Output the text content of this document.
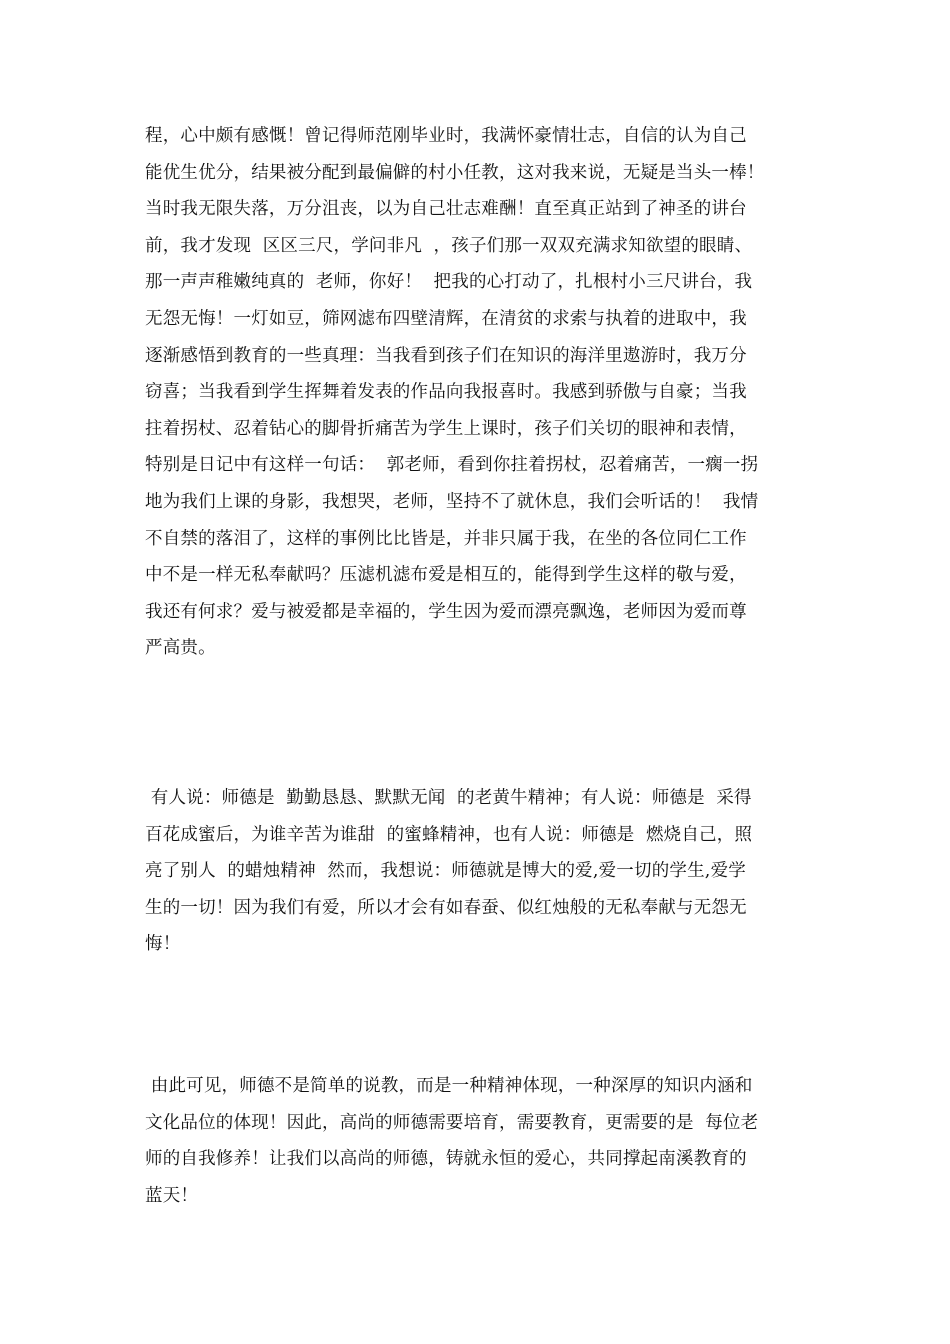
程，心中颇有感慨！曾记得师范刚毕业时，我满怀豪情壮志，自信的认为自己
能优生优分，结果被分配到最偏僻的村小任教，这对我来说，无疑是当头一棒！
当时我无限失落，万分沮丧，以为自己壮志难酬！直至真正站到了神圣的讲台
前，我才发现  区区三尺，学问非凡  ，孩子们那一双双充满求知欲望的眼睛、
那一声声稚嫩纯真的  老师，你好！  把我的心打动了，扎根村小三尺讲台，我
无怨无悔！一灯如豆，筛网滤布四壁清辉，在清贫的求索与执着的进取中，我
逐渐感悟到教育的一些真理：当我看到孩子们在知识的海洋里遨游时，我万分
窃喜；当我看到学生挥舞着发表的作品向我报喜时。我感到骄傲与自豪；当我
拄着拐杖、忍着钻心的脚骨折痛苦为学生上课时，孩子们关切的眼神和表情，
特别是日记中有这样一句话：  郭老师，看到你拄着拐杖，忍着痛苦，一瘸一拐
地为我们上课的身影，我想哭，老师，坚持不了就休息，我们会听话的！  我情
不自禁的落泪了，这样的事例比比皆是，并非只属于我，在坐的各位同仁工作
中不是一样无私奉献吗？压滤机滤布爱是相互的，能得到学生这样的敬与爱，
我还有何求？爱与被爱都是幸福的，学生因为爱而漂亮飘逸，老师因为爱而尊
严高贵。
有人说：师德是  勤勤恳恳、默默无闻  的老黄牛精神；有人说：师德是  采得
百花成蜜后，为谁辛苦为谁甜  的蜜蜂精神，也有人说：师德是  燃烧自己，照
亮了别人  的蜡烛精神  然而，我想说：师德就是博大的爱,爱一切的学生,爱学
生的一切！因为我们有爱，所以才会有如春蚕、似红烛般的无私奉献与无怨无
悔！
由此可见，师德不是简单的说教，而是一种精神体现，一种深厚的知识内涵和
文化品位的体现！因此，高尚的师德需要培育，需要教育，更需要的是  每位老
师的自我修养！让我们以高尚的师德，铸就永恒的爱心，共同撑起南溪教育的
蓝天！
